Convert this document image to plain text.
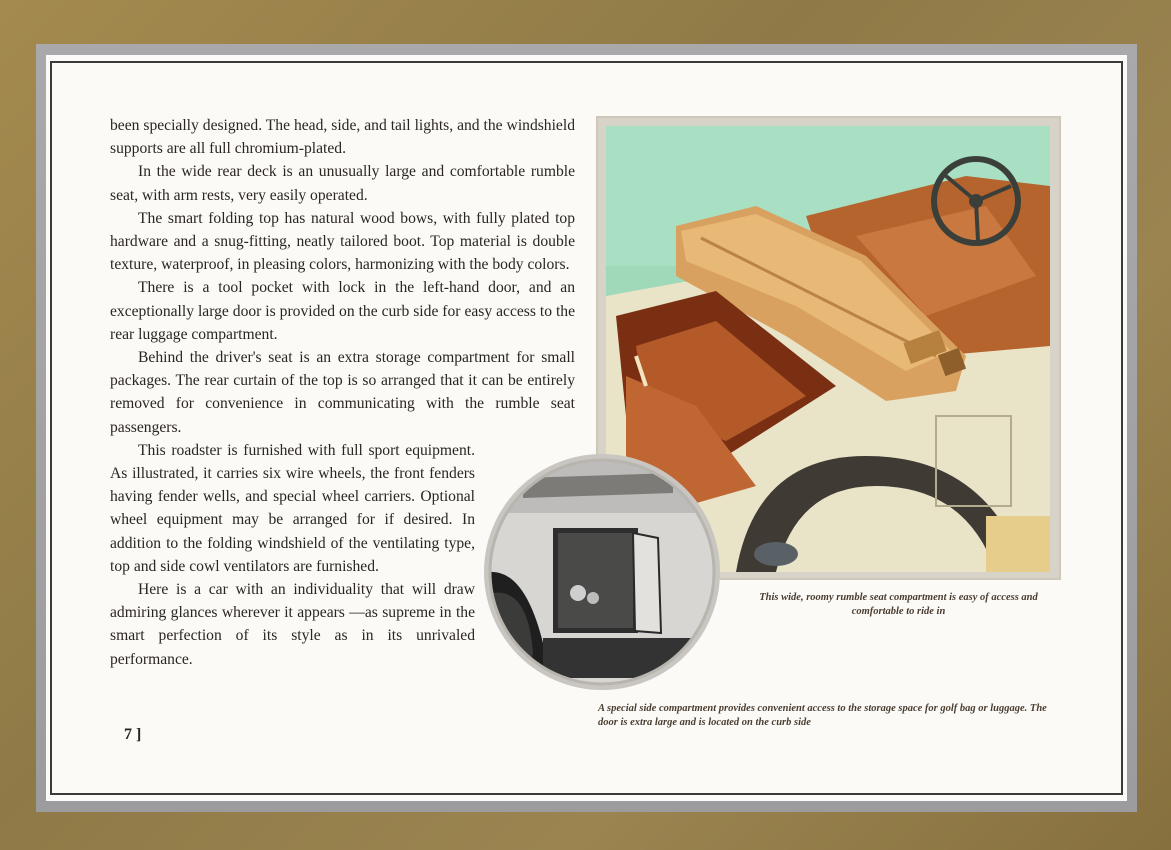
been specially designed. The head, side, and tail lights, and the windshield supports are all full chromium-plated.

In the wide rear deck is an unusually large and comfortable rumble seat, with arm rests, very easily operated.

The smart folding top has natural wood bows, with fully plated top hardware and a snug-fitting, neatly tailored boot. Top material is double texture, waterproof, in pleasing colors, harmonizing with the body colors.

There is a tool pocket with lock in the left-hand door, and an exceptionally large door is provided on the curb side for easy access to the rear luggage compartment.

Behind the driver's seat is an extra storage compartment for small packages. The rear curtain of the top is so arranged that it can be entirely removed for convenience in communicating with the rumble seat passengers.

This roadster is furnished with full sport equipment. As illustrated, it carries six wire wheels, the front fenders having fender wells, and special wheel carriers. Optional wheel equipment may be arranged for if desired. In addition to the folding windshield of the ventilating type, top and side cowl ventilators are furnished.

Here is a car with an individuality that will draw admiring glances wherever it appears —as supreme in the smart perfection of its style as in its unrivaled performance.

7 ]
This wide, roomy rumble seat compartment is easy of access and comfortable to ride in
A special side compartment provides convenient access to the storage space for golf bag or luggage. The door is extra large and is located on the curb side
